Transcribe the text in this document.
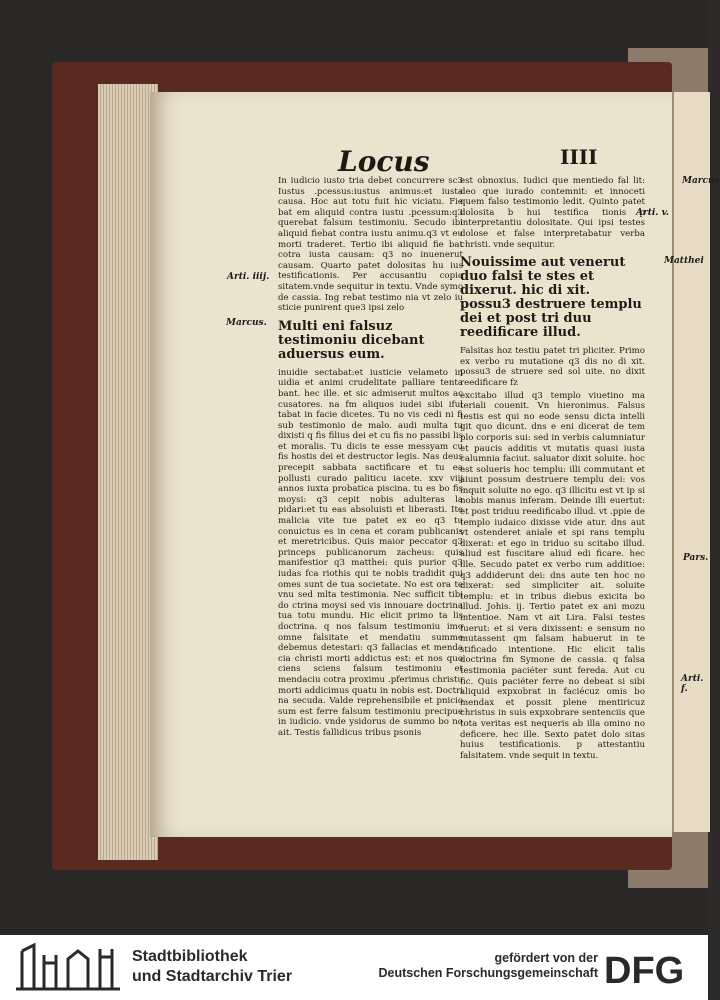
Locus	IIII
Arti. iiij.
Marcus.
Marcus
Arti. v.
Matthei
Pars.
Arti. f.

In iudicio iusto tria debet concurrere sc3 Iustus .pcessus:iustus animus:et iusta causa. Hoc aut totu fuit hic viciatu. Fie bat em aliquid contra iustu .pcessum:q3 querebat falsum testimoniu. Secudo ibi aliquid fiebat contra iustu animu.q3 vt eu morti traderet. Tertio ibi aliquid fie bat cotra iusta causam: q3 no inuenerut causam. Quarto patet dolositas hu ius testificationis. Per accusantiu copio sitatem.vnde sequitur in textu. Vnde symo de cassia. Ing rebat testimo nia vt zelo iu sticie punirent que3 ipsi zelo

Multi eni falsuz testimoniu dicebant aduersus eum.

inuidie sectabat:et iusticie velameto in uidia et animi crudelitate palliare tenta bant. hec ille. et sic admiserut multos ac cusatores. na fm aliquos iudei sibi iful tabat in facie dicetes. Tu no vis cedi ni fi sub testimonio de malo. audi multa tu dixisti q fis filius dei et cu fis no passibi lis et moralis. Tu dicis te esse messyam cu fis hostis dei et destructor legis. Nas deus precepit sabbata sactificare et tu ea pollusti curado paliticu iacete. xxv viij annos iuxta probatica piscina. tu es bo fis moysi: q3 cepit nobis adulteras la pidari:et tu eas absoluisti et liberasti. Ite malicia vite tue patet ex eo q3 tu conuictus es in cena et coram publicanis et meretricibus. Quis maior peccator q3 princeps publicanorum zacheus: quis manifestior q3 matthei: quis purior q3 iudas fca riothis qui te nobis tradidit qui omes sunt de tua societate. No est ora te vnu sed mlta testimonia. Nec sufficit tibi do ctrina moysi sed vis innouare doctrina tua totu mundu. Hic elicit primo ta lis doctrina. q nos falsum testimoniu imo omne falsitate et mendatiu summe debemus detestari: q3 fallacias et menda cia christi morti addictus est: et nos quo ciens sciens falsum testimoniu et mendaciu cotra proximu .pferimus christu morti addicimus quatu in nobis est. Doctri na secuda. Valde reprehensibile et pnicio sum est ferre falsum testimoniu precipue in iudicio. vnde ysidorus de summo bo no ait. Testis fallidicus tribus psonis

est obnoxius. Iudici que mentiedo fal lit: deo que iurado contemnit: et innoceti quem falso testimonio ledit. Quinto patet dolosita b hui testifica tionis p interpretantiu dolositate. Qui ipsi testes dolose et false interpretabatur verba christi. vnde sequitur.

Nouissime aut venerut duo falsi te stes et dixerut. hic di xit. possu3 destruere templu dei et post tri duu reedificare illud.

Falsitas hoz testiu patet tri pliciter. Primo ex verbo ru mutatione q3 dis no di xit. possu3 de struere sed sol uite. no dixit reedificare fz

excitabo illud q3 templo viuetino ma teriali couenit. Vn hieronimus. Falsus testis est qui no eode sensu dicta intelli git quo dicunt. dns e eni dicerat de tem plo corporis sui: sed in verbis calumniatur et paucis additis vt mutatis quasi iusta calumnia faciut. saluator dixit soluite. hoc est solueris hoc templu: illi commutant et aiunt possum destruere templu dei: vos inquit soluite no ego. q3 illicitu est vt ip si nobis manus inferam. Deinde illi euertut: et post triduu reedificabo illud. vt .ppie de templo iudaico dixisse vide atur. dns aut vt ostenderet aniale et spi rans templu dixerat: et ego in triduo su scitabo illud. aliud est fuscitare aliud edi ficare. hec ille. Secudo patet ex verbo rum additioe: q3 addiderunt dei: dns aute ten hoc no dixerat: sed simpliciter ait. soluite templu: et in tribus diebus exicita bo illud. Johis. ij. Tertio patet ex ani mozu intentioe. Nam vt ait Lira. Falsi testes fuerut: et si vera dixissent: e sensum no mutassent qm falsam habuerut in te stificado intentione. Hic elicit talis doctrina fm Symone de cassia. q falsa testimonia paciéter sunt fereda. Aut cu fic. Quis paciéter ferre no debeat si sibi aliquid expxobrat in faciécuz omis bo mendax et possit plene mentiricuz christus in suis expxobrare sentenciis que tota veritas est nequeris ab illa omino no deficere. hec ille. Sexto patet dolo sitas huius testificationis. p attestantiu falsitatem. vnde sequit in textu.

Stadtbibliothek
und Stadtarchiv Trier
gefördert von der
Deutschen Forschungsgemeinschaft DFG
